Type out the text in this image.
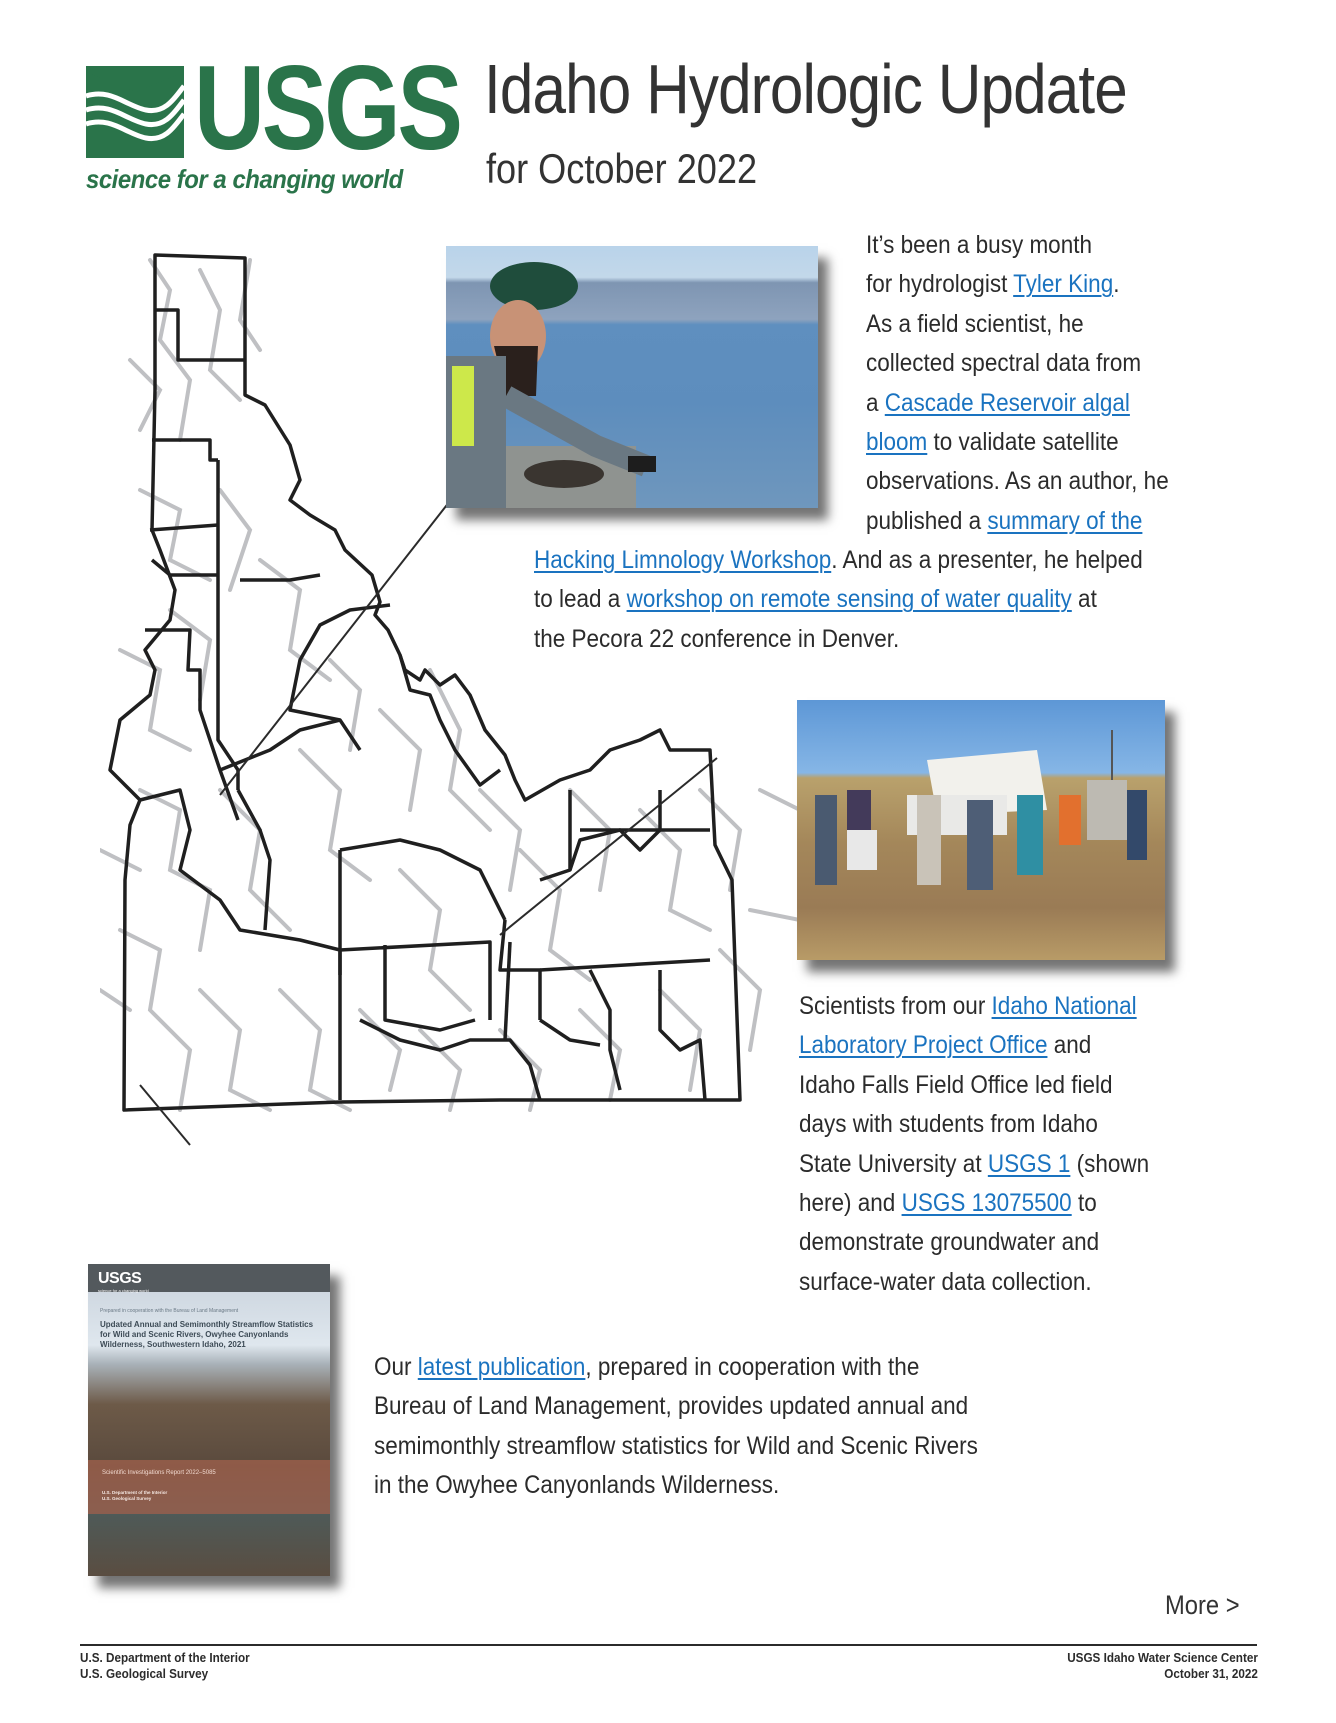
USGS
science for a changing world
Idaho Hydrologic Update
for October 2022
It’s been a busy month
for hydrologist Tyler King.
As a field scientist, he
collected spectral data from
a Cascade Reservoir algal
bloom to validate satellite
observations. As an author, he
published a summary of the
Hacking Limnology Workshop. And as a presenter, he helped
to lead a workshop on remote sensing of water quality at
the Pecora 22 conference in Denver.
Scientists from our Idaho National
Laboratory Project Office and
Idaho Falls Field Office led field
days with students from Idaho
State University at USGS 1 (shown
here) and USGS 13075500 to
demonstrate groundwater and
surface-water data collection.
USGS
science for a changing world
Prepared in cooperation with the Bureau of Land Management
Updated Annual and Semimonthly Streamflow Statistics for Wild and Scenic Rivers, Owyhee Canyonlands Wilderness, Southwestern Idaho, 2021
Scientific Investigations Report 2022–5085
U.S. Department of the Interior
U.S. Geological Survey
Our latest publication, prepared in cooperation with the
Bureau of Land Management, provides updated annual and
semimonthly streamflow statistics for Wild and Scenic Rivers
in the Owyhee Canyonlands Wilderness.
More >
U.S. Department of the Interior
U.S. Geological Survey
USGS Idaho Water Science Center
October 31, 2022
